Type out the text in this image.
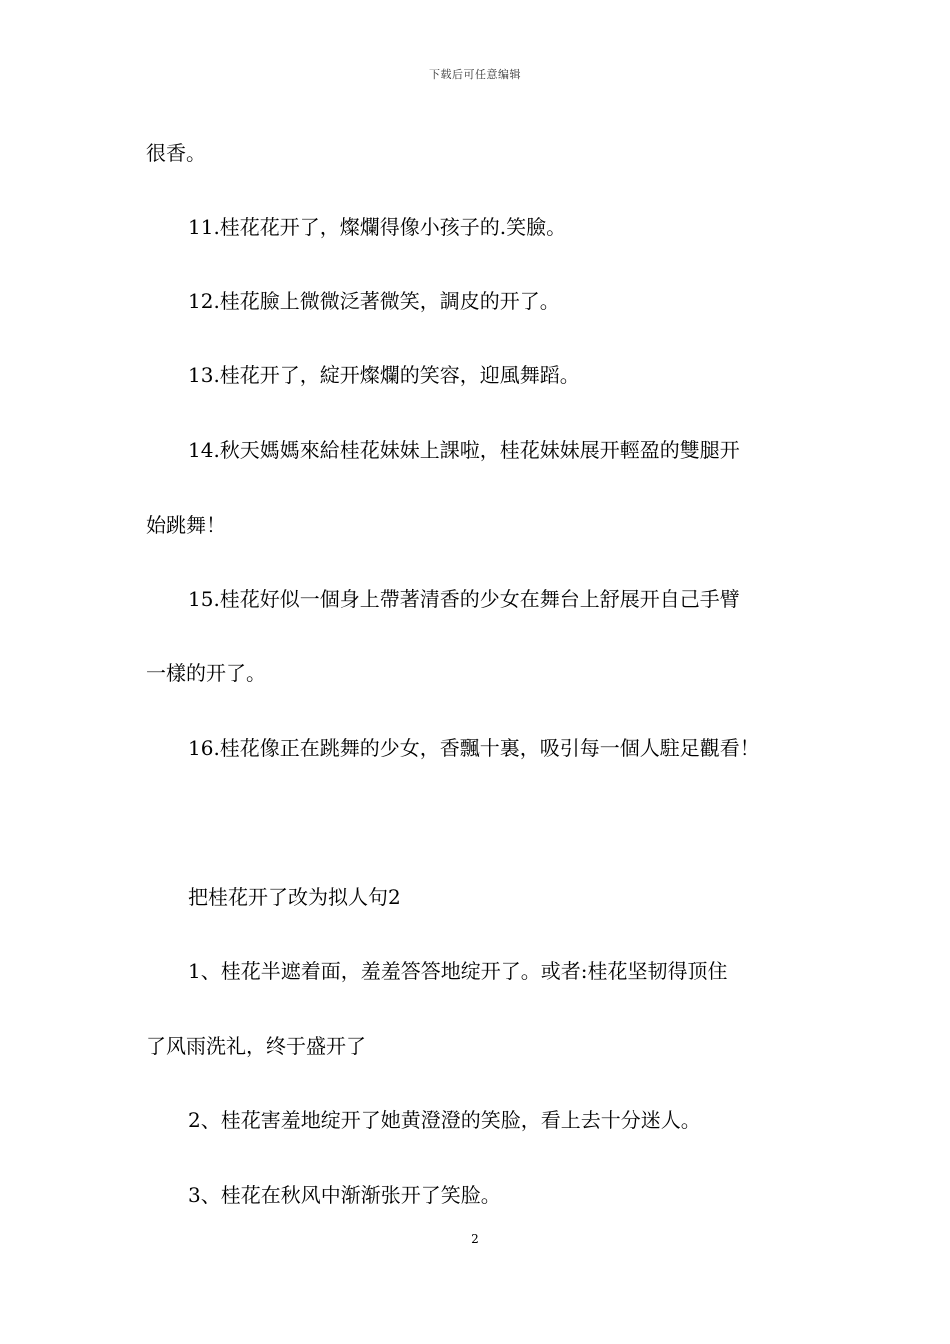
下载后可任意编辑
很香。
11.桂花花开了，燦爛得像小孩子的.笑臉。
12.桂花臉上微微泛著微笑，調皮的开了。
13.桂花开了，綻开燦爛的笑容，迎風舞蹈。
14.秋天媽媽來給桂花妹妹上課啦，桂花妹妹展开輕盈的雙腿开
始跳舞！
15.桂花好似一個身上帶著清香的少女在舞台上舒展开自己手臂
一樣的开了。
16.桂花像正在跳舞的少女，香飄十裏，吸引每一個人駐足觀看！
把桂花开了改为拟人句2
1、桂花半遮着面，羞羞答答地绽开了。或者:桂花坚韧得顶住
了风雨洗礼，终于盛开了
2、桂花害羞地绽开了她黄澄澄的笑脸，看上去十分迷人。
3、桂花在秋风中渐渐张开了笑脸。
2
